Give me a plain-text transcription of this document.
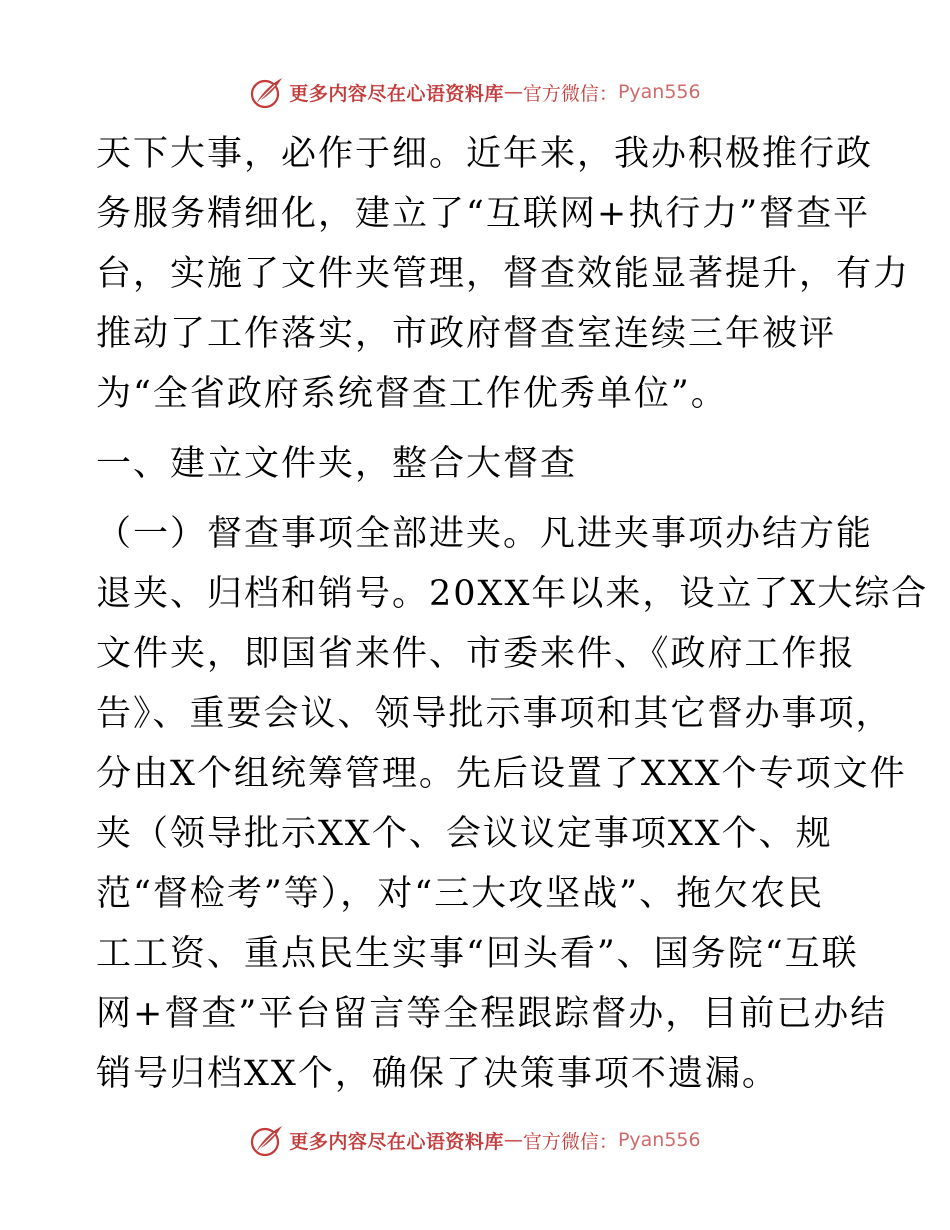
更多内容尽在心语资料库 — 官方微信： Pyan556
天下大事，必作于细。近年来，我办积极推行政
务服务精细化，建立了“互联网+执行力”督查平
台，实施了文件夹管理，督查效能显著提升，有力
推动了工作落实，市政府督查室连续三年被评
为“全省政府系统督查工作优秀单位”。
一、建立文件夹，整合大督查
（一）督查事项全部进夹。凡进夹事项办结方能
退夹、归档和销号。20XX年以来，设立了X大综合
文件夹，即国省来件、市委来件、《政府工作报
告》、重要会议、领导批示事项和其它督办事项，
分由X个组统筹管理。先后设置了XXX个专项文件
夹（领导批示XX个、会议议定事项XX个、规
范“督检考”等），对“三大攻坚战”、拖欠农民
工工资、重点民生实事“回头看”、国务院“互联
网+督查”平台留言等全程跟踪督办，目前已办结
销号归档XX个，确保了决策事项不遗漏。
更多内容尽在心语资料库 — 官方微信： Pyan556
